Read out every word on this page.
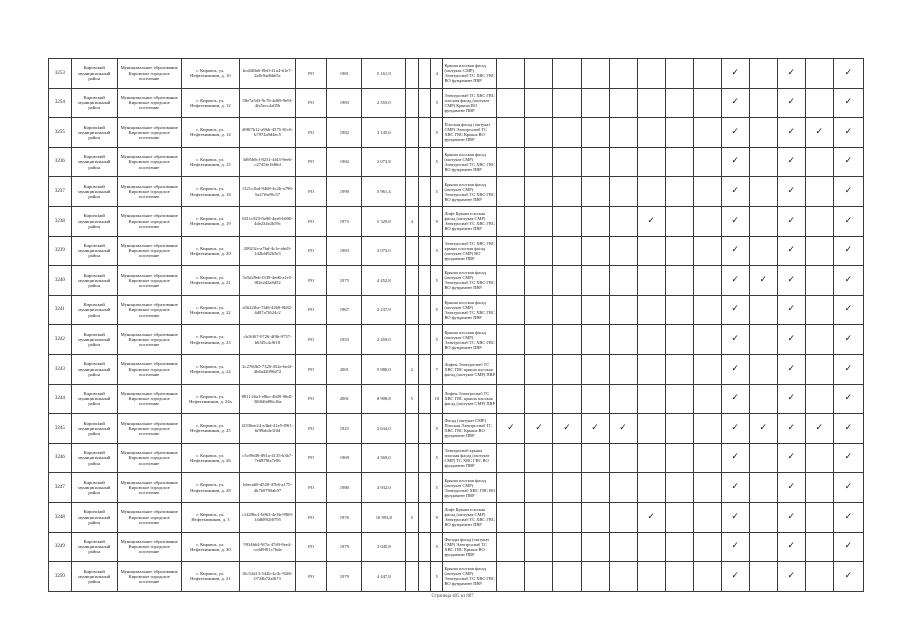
3253	Кировский муниципальный район	Муниципальное образование Кировское городское поселение	г. Кировск, ул. Нефтехимиков, д. 10	bcd4f8a6-f9e0-41a4-b1e7-2a8c9ad6b65c	РО	1981	5 161,9			4	Крыша плоская фасад (оштукат. СМР) Электроснаб ТС ХВС ГВС ВО фундамент ПВР									✓		✓		✓
3254	Кировский муниципальный район	Муниципальное образование Кировское городское поселение	г. Кировск, ул. Нефтехимиков, д. 12	58e7a5d3-9c76-4d69-9e9f-4fe5ecc4a05b	РО	1983	2 355,0			5	Электроснаб ТС ХВС ГВС плоская фасад (оштукат СМР) Крыша ВО фундамент ПВР									✓		✓		✓
3255	Кировский муниципальный район	Муниципальное образование Кировское городское поселение	г. Кировск, ул. Нефтехимиков, д. 14	d98f7b12-a9b6-4575-81c6-b7974a9d4ec5	РО	1982	3 145,6			5	Плоская фасад (оштукат СМР) Электроснаб ТС ХВС ГВС Крыша ВО фундамент ПВР									✓		✓	✓	✓
3236	Кировский муниципальный район	Муниципальное образование Кировское городское поселение	г. Кировск, ул. Нефтехимиков, д. 15	3d95b9cf-8231-4f43-9ee6-c2745fe1b86d	РО	1982	2 073,8			5	Крыша плоская фасад (оштукат СМР) Электроснаб ТС ХВС ГВС ВО фундамент ПВР									✓		✓		✓
3237	Кировский муниципальный район	Муниципальное образование Кировское городское поселение	г. Кировск, ул. Нефтехимиков, д. 18	1321c2bd-9468-4c2b-a796-5a27f6e9fc57	РО	1990	5 961,4			5	Крыша плоская фасад (оштукат СМР) Электроснаб ТС ХВС ГВС ВО фундамент ПВР									✓		✓		✓
3238	Кировский муниципальный район	Муниципальное образование Кировское городское поселение	г. Кировск, ул. Нефтехимиков, д. 19	0411c923-0a98-4ae6-b690-4de234e2b59c	РО	1973	5 329,8	4		9	Лифт Крыша плоская фасад (оштукат СМР) Электроснаб ТС ХВС ГВС ВО фундамент ПВР						✓			✓		✓		✓
3239	Кировский муниципальный район	Муниципальное образование Кировское городское поселение	г. Кировск, ул. Нефтехимиков, д. 20	20921fe-a7bd-4c1e-abd3-1d2bfd92b5e5	РО	1983	3 073,0			5	Электроснаб ТС ХВС ГВС крыша плоская фасад (оштукат СМР) ВО фундамент ПВР									✓		✓		✓
3240	Кировский муниципальный район	Муниципальное образование Кировское городское поселение	г. Кировск, ул. Нефтехимиков, д. 21	5e5d29eb-f339-4ed6-a1e5-f82e2d2a8d52	РО	1975	4 452,8			5	Крыша плоская фасад (оштукат СМР) Электроснаб ТС ХВС ГВС ВО фундамент ПВР									✓	✓	✓		✓
3241	Кировский муниципальный район	Муниципальное образование Кировское городское поселение	г. Кировск, ул. Нефтехимиков, д. 22	a5622fbe-7fd8-4268-9b82-4d07a7f624c2	РО	1967	2 237,9			5	Крыша плоская фасад (оштукат СМР) Электроснаб ТС ХВС ГВС ВО фундамент ПВР									✓		✓		✓
3242	Кировский муниципальный район	Муниципальное образование Кировское городское поселение	г. Кировск, ул. Нефтехимиков, д. 23	cb16f67-0726-4f9b-9737-b63f5c4c9f18	РО	1953	2 459,0			5	Крыша плоская фасад (оштукат СМР) Электроснаб ТС ХВС ГВС ВО фундамент ПВР									✓		✓		✓
3243	Кировский муниципальный район	Муниципальное образование Кировское городское поселение	г. Кировск, ул. Нефтехимиков, д. 24	2c2760b5-7320-452e-be4f-4b6a42090d72	РО	2001	5 980,0	2		7	Лифты Электроснаб ТС ХВС ГВС крыша плоская фасад (оштукат СМР) ПВР									✓		✓		✓
3244	Кировский муниципальный район	Муниципальное образование Кировское городское поселение	г. Кировск, ул. Нефтехимиков, д. 24а	8811-f6a1-e8bc-4b09-96d1-3f60d6d96cf6a	РО	2001	8 908,8	5		10	Лифты Электроснаб ТС ХВС ГВС крыша плоская фасад (оштукат СМР) ПВР									✓		✓		✓
3245	Кировский муниципальный район	Муниципальное образование Кировское городское поселение	г. Кировск, ул. Нефтехимиков, д. 25	f2336ee24-a3bd-41e5-89f1-6f99ab4e1f0d	РО	1925	2 634,0			5	Фасад (оштукат СМР) Плоская Электроснаб ТС ХВС ГВС Крыша ВО фундамент ПВР	✓	✓	✓	✓	✓				✓	✓	✓	✓	✓
3246	Кировский муниципальный район	Муниципальное образование Кировское городское поселение	г. Кировск, ул. Нефтехимиков, д. 26	c5c09df8-891a-4135-b3b7-7e6878fa7e96	РО	1969	4 569,0			5	Электроснаб крыша плоская фасад (оштукат СМР) ТС ХВС ГВС ВО фундамент ПВР									✓		✓		✓
3247	Кировский муниципальный район	Муниципальное образование Кировское городское поселение	г. Кировск, ул. Нефтехимиков, д. 28	b6eca60-d528-47b6-a175-4b7b9790ab97	РО	1980	4 932,0			5	Крыша плоская фасад (оштукат СМР) Электроснаб ХВС ГВС ВО фундамент ПВР									✓		✓		✓
3248	Кировский муниципальный район	Муниципальное образование Кировское городское поселение	г. Кировск, ул. Нефтехимиков, д. 3	c1429bc1-b963-4e3b-9969-14d6892f0795	РО	1976	10 993,8	5		9	Лифт Крыша плоская фасад (оштукат СМР) Электроснаб ТС ХВС ГВС ВО фундамент ПВР						✓			✓		✓		✓
3249	Кировский муниципальный район	Муниципальное образование Кировское городское поселение	г. Кировск, ул. Нефтехимиков, д. 30	5934b64-9f7a-47d9-8ee4-ccdd9f01c7bda	РО	1979	3 045,8			5	Фасады фасад (оштукат СМР) Электроснаб ТС ХВС ГВС Крыша ВО фундамент ПВР									✓		✓		✓
3250	Кировский муниципальный район	Муниципальное образование Кировское городское поселение	г. Кировск, ул. Нефтехимиков, д. 31	0fc52d13-542b-4c0c-92f6-0724b72af673	РО	1979	4 447,8			5	Крыша плоская фасад (оштукат СМР) Электроснаб ТС ХВС ГВС ВО фундамент ПВР									✓		✓		✓
Страница 405 из 887
